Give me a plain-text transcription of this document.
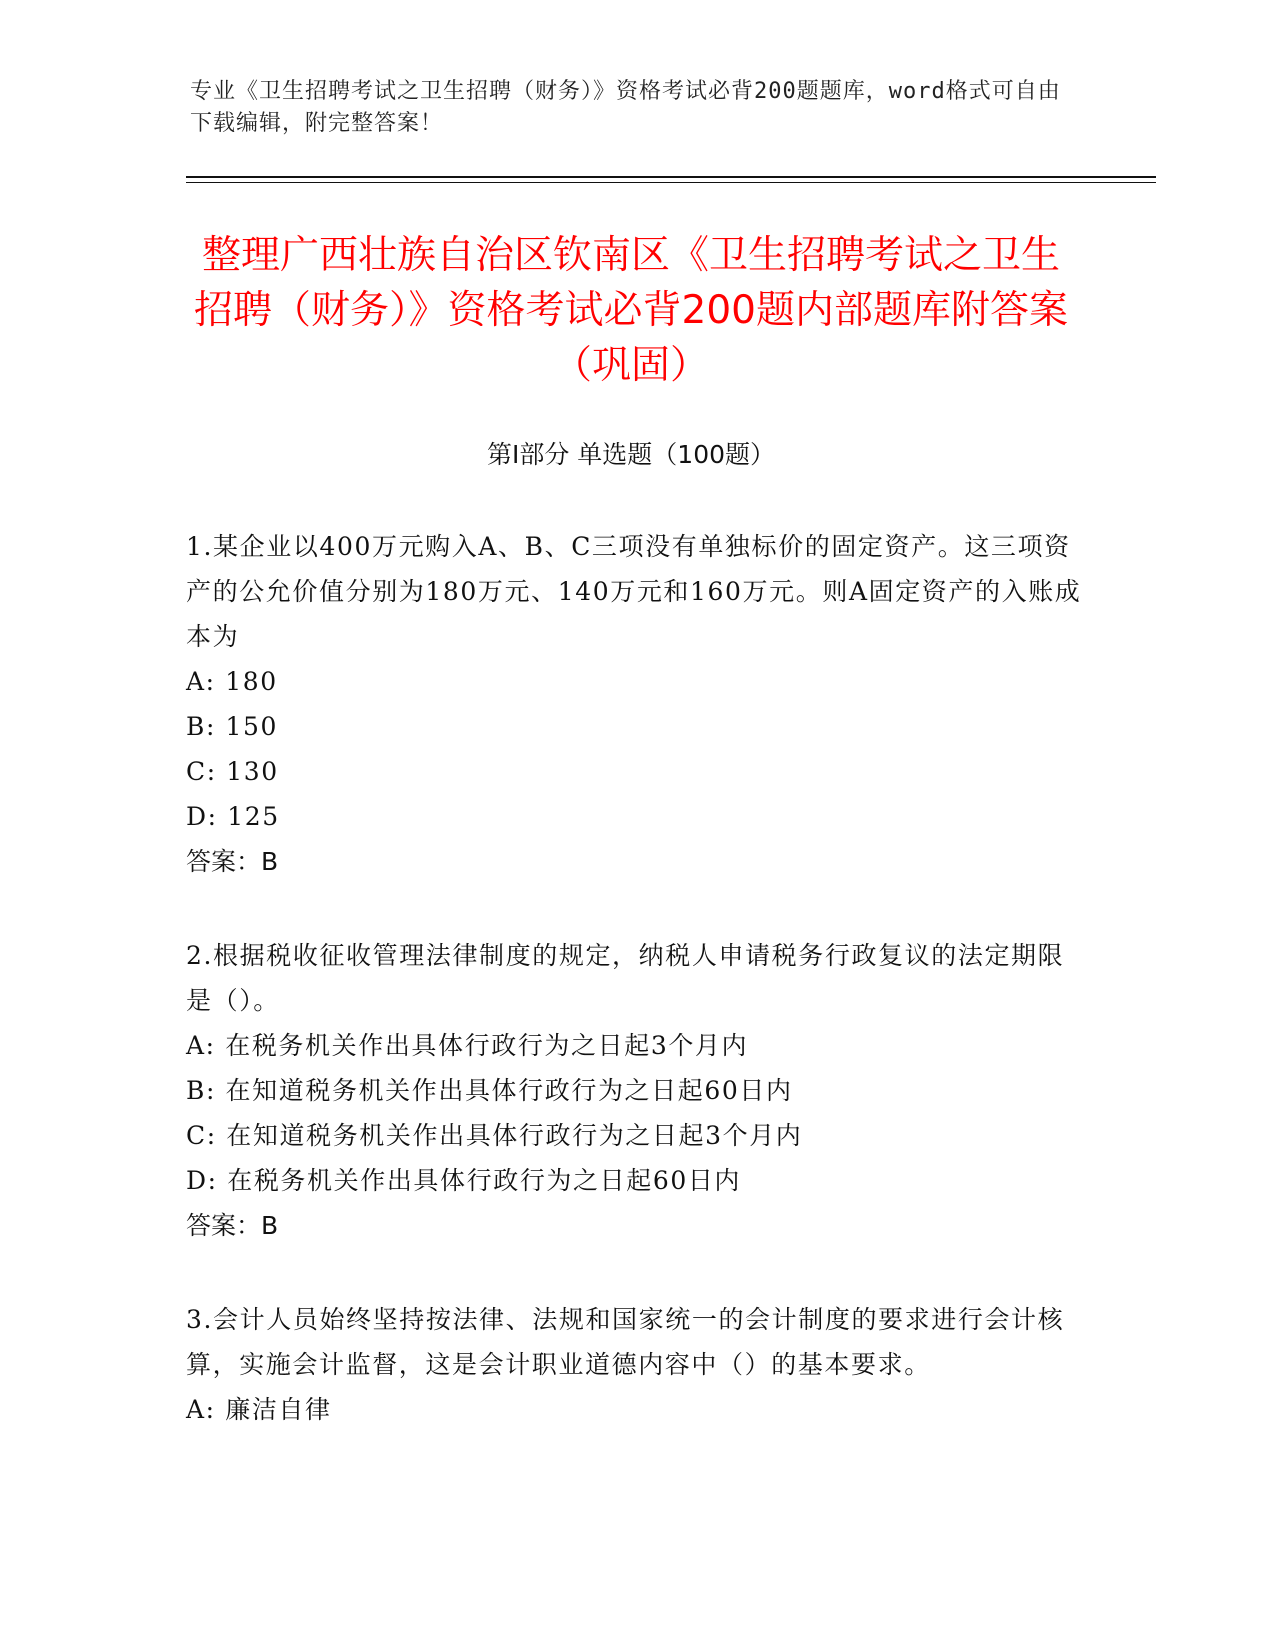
专业《卫生招聘考试之卫生招聘（财务）》资格考试必背200题题库，word格式可自由下载编辑，附完整答案！
整理广西壮族自治区钦南区《卫生招聘考试之卫生招聘（财务）》资格考试必背200题内部题库附答案（巩固）
第Ⅰ部分 单选题（100题）

1.某企业以400万元购入A、B、C三项没有单独标价的固定资产。这三项资产的公允价值分别为180万元、140万元和160万元。则A固定资产的入账成本为

A: 180

B: 150

C: 130

D: 125

答案：B

2.根据税收征收管理法律制度的规定，纳税人申请税务行政复议的法定期限是（）。

A: 在税务机关作出具体行政行为之日起3个月内

B: 在知道税务机关作出具体行政行为之日起60日内

C: 在知道税务机关作出具体行政行为之日起3个月内

D: 在税务机关作出具体行政行为之日起60日内

答案：B

3.会计人员始终坚持按法律、法规和国家统一的会计制度的要求进行会计核算，实施会计监督，这是会计职业道德内容中（）的基本要求。

A: 廉洁自律
